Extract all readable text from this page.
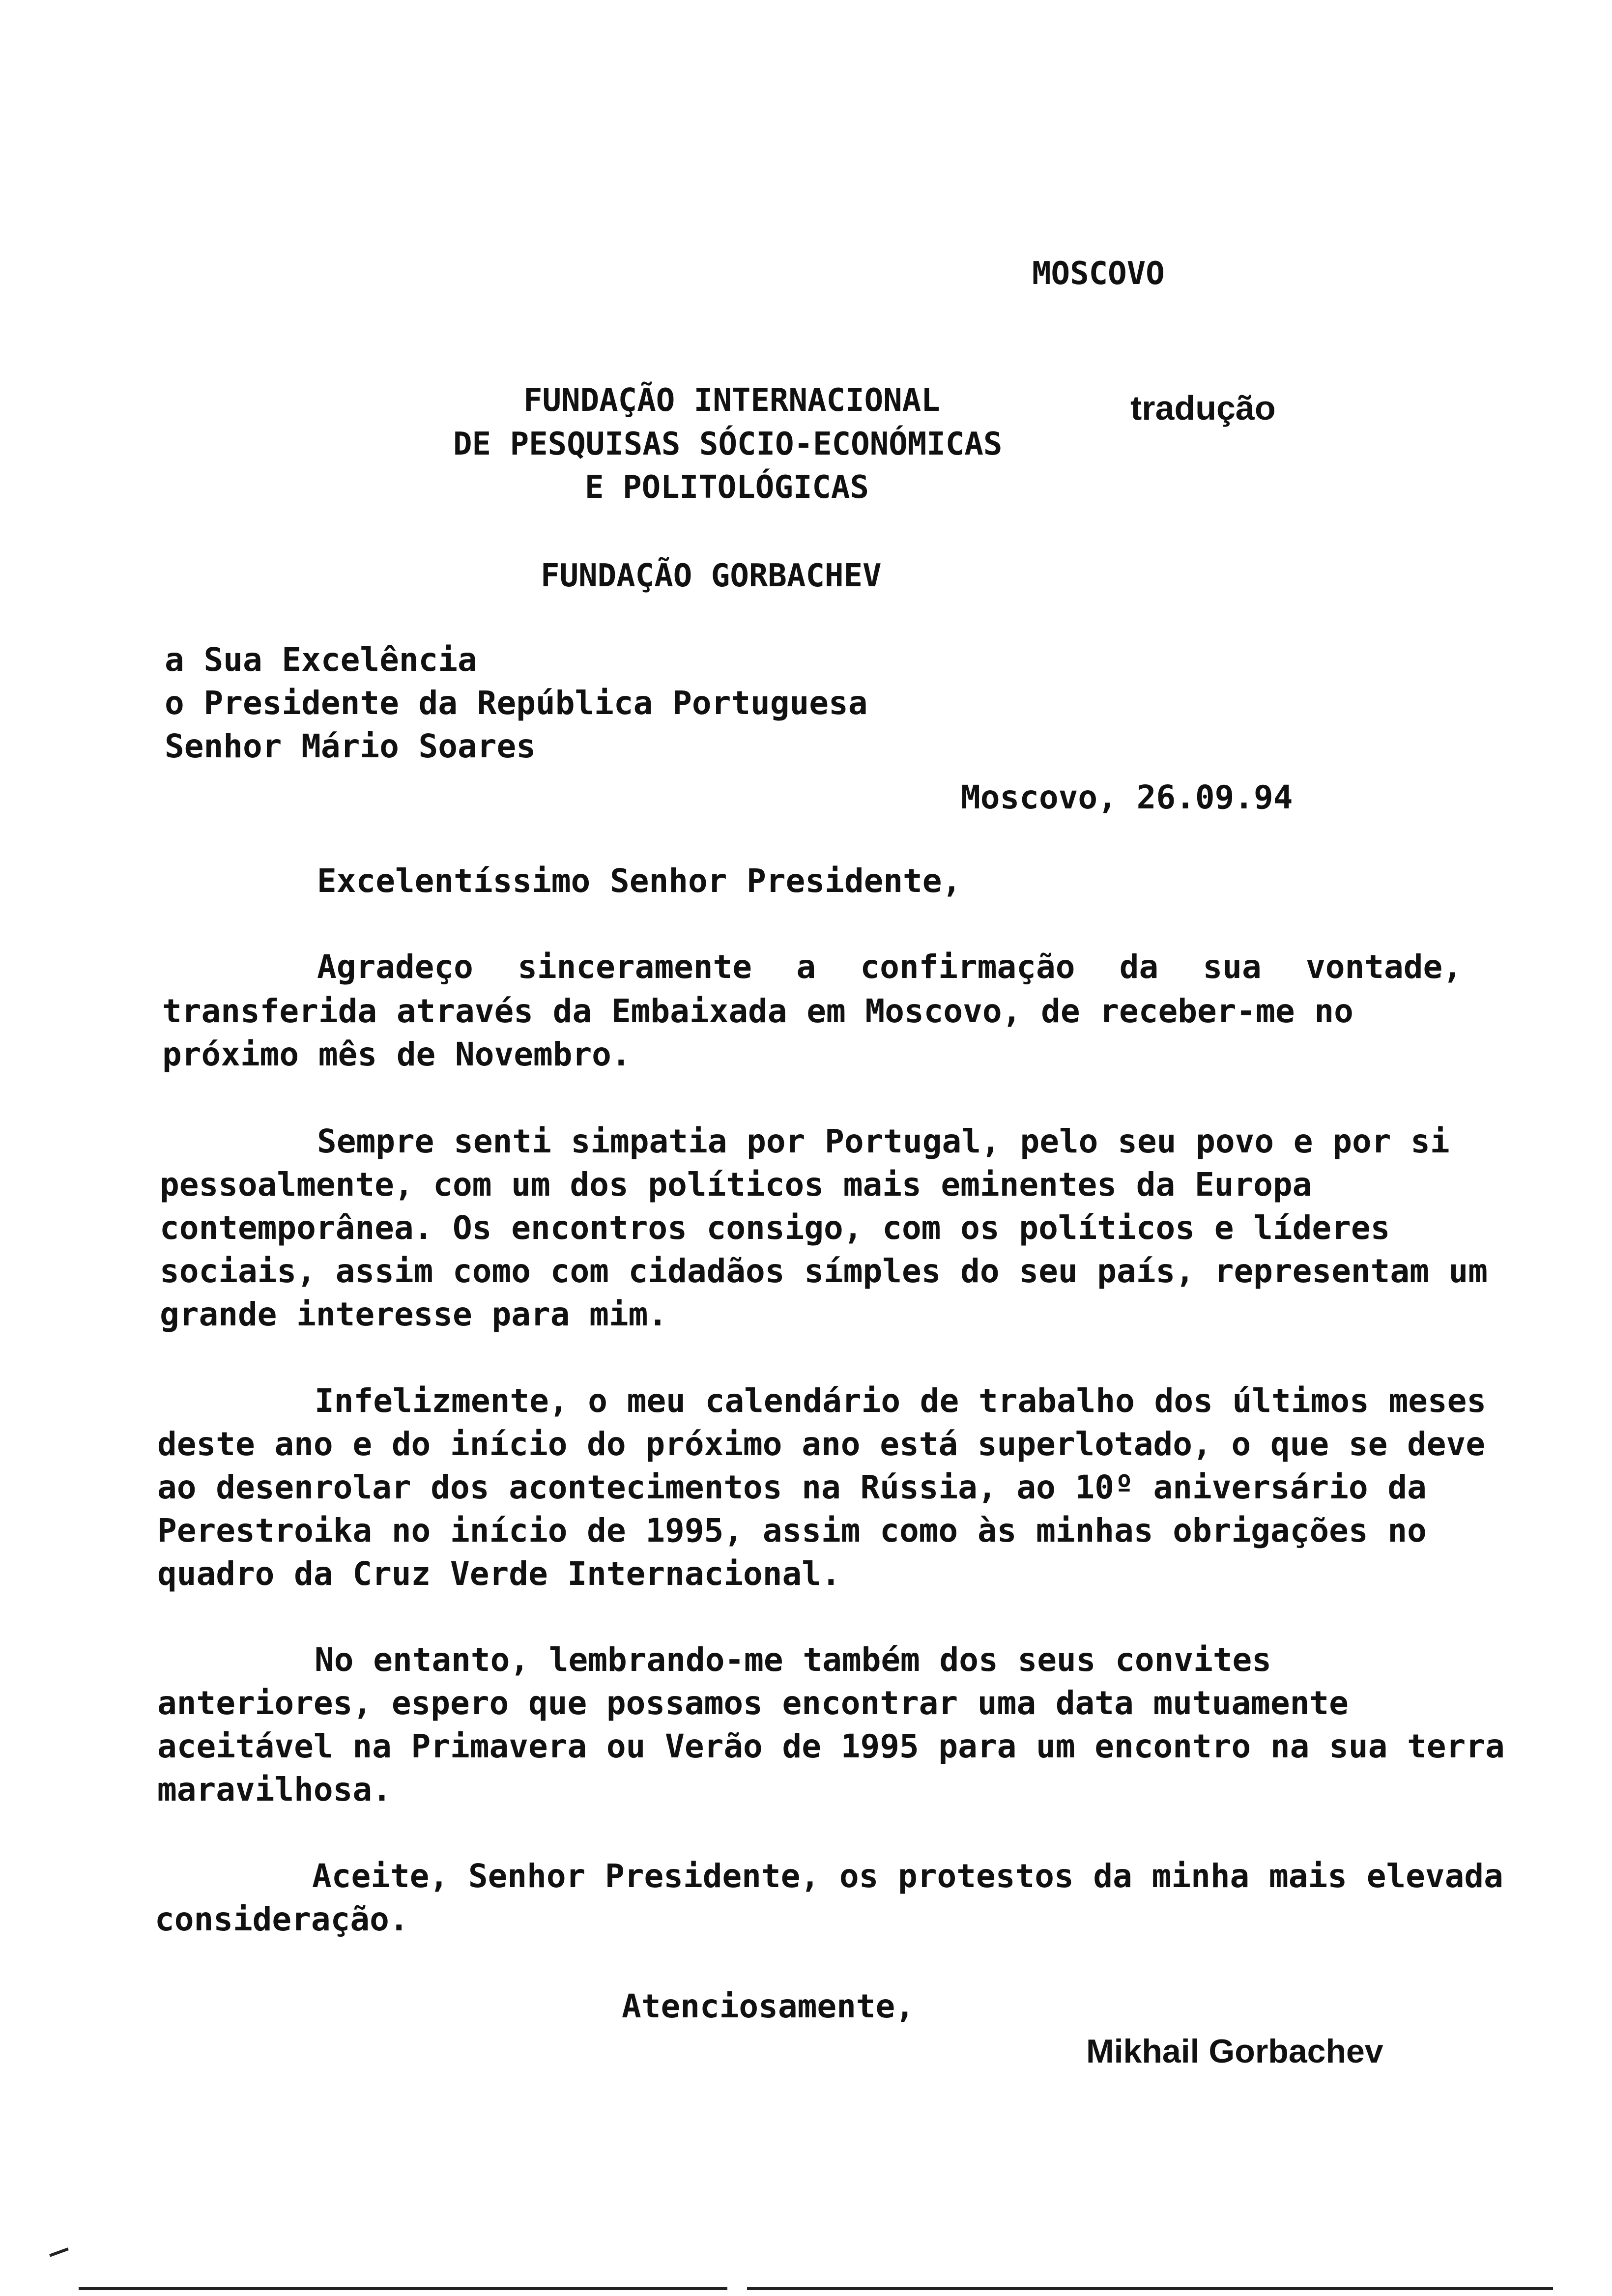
MOSCOVO
FUNDAÇÃO INTERNACIONAL	tradução
DE PESQUISAS SÓCIO-ECONÓMICAS
E POLITOLÓGICAS
FUNDAÇÃO GORBACHEV
a Sua Excelência
o Presidente da República Portuguesa
Senhor Mário Soares
Moscovo, 26.09.94
Excelentíssimo Senhor Presidente,
Agradeço sinceramente a confirmação da sua vontade,
transferida através da Embaixada em Moscovo, de receber-me no
próximo mês de Novembro.
Sempre senti simpatia por Portugal, pelo seu povo e por si
pessoalmente, com um dos políticos mais eminentes da Europa
contemporânea. Os encontros consigo, com os políticos e líderes
sociais, assim como com cidadãos símples do seu país, representam um
grande interesse para mim.
Infelizmente, o meu calendário de trabalho dos últimos meses
deste ano e do início do próximo ano está superlotado, o que se deve
ao desenrolar dos acontecimentos na Rússia, ao 10º aniversário da
Perestroika no início de 1995, assim como às minhas obrigações no
quadro da Cruz Verde Internacional.
No entanto, lembrando-me também dos seus convites
anteriores, espero que possamos encontrar uma data mutuamente
aceitável na Primavera ou Verão de 1995 para um encontro na sua terra
maravilhosa.
Aceite, Senhor Presidente, os protestos da minha mais elevada
consideração.
Atenciosamente,
Mikhail Gorbachev
